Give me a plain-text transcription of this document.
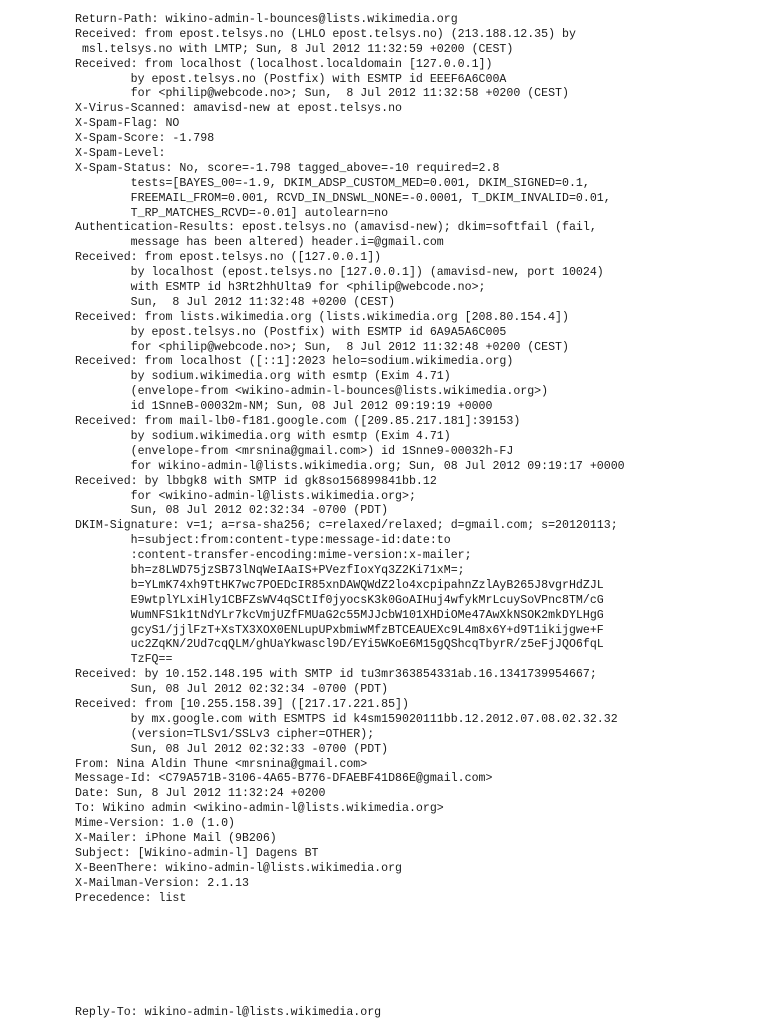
Return-Path: wikino-admin-l-bounces@lists.wikimedia.org
Received: from epost.telsys.no (LHLO epost.telsys.no) (213.188.12.35) by
msl.telsys.no with LMTP; Sun, 8 Jul 2012 11:32:59 +0200 (CEST)
Received: from localhost (localhost.localdomain [127.0.0.1])
by epost.telsys.no (Postfix) with ESMTP id EEEF6A6C00A
for <philip@webcode.no>; Sun,  8 Jul 2012 11:32:58 +0200 (CEST)
X-Virus-Scanned: amavisd-new at epost.telsys.no
X-Spam-Flag: NO
X-Spam-Score: -1.798
X-Spam-Level:
X-Spam-Status: No, score=-1.798 tagged_above=-10 required=2.8
tests=[BAYES_00=-1.9, DKIM_ADSP_CUSTOM_MED=0.001, DKIM_SIGNED=0.1,
FREEMAIL_FROM=0.001, RCVD_IN_DNSWL_NONE=-0.0001, T_DKIM_INVALID=0.01,
T_RP_MATCHES_RCVD=-0.01] autolearn=no
Authentication-Results: epost.telsys.no (amavisd-new); dkim=softfail (fail,
message has been altered) header.i=@gmail.com
Received: from epost.telsys.no ([127.0.0.1])
by localhost (epost.telsys.no [127.0.0.1]) (amavisd-new, port 10024)
with ESMTP id h3Rt2hhUlta9 for <philip@webcode.no>;
Sun,  8 Jul 2012 11:32:48 +0200 (CEST)
Received: from lists.wikimedia.org (lists.wikimedia.org [208.80.154.4])
by epost.telsys.no (Postfix) with ESMTP id 6A9A5A6C005
for <philip@webcode.no>; Sun,  8 Jul 2012 11:32:48 +0200 (CEST)
Received: from localhost ([::1]:2023 helo=sodium.wikimedia.org)
by sodium.wikimedia.org with esmtp (Exim 4.71)
(envelope-from <wikino-admin-l-bounces@lists.wikimedia.org>)
id 1SnneB-00032m-NM; Sun, 08 Jul 2012 09:19:19 +0000
Received: from mail-lb0-f181.google.com ([209.85.217.181]:39153)
by sodium.wikimedia.org with esmtp (Exim 4.71)
(envelope-from <mrsnina@gmail.com>) id 1Snne9-00032h-FJ
for wikino-admin-l@lists.wikimedia.org; Sun, 08 Jul 2012 09:19:17 +0000
Received: by lbbgk8 with SMTP id gk8so156899841bb.12
for <wikino-admin-l@lists.wikimedia.org>;
Sun, 08 Jul 2012 02:32:34 -0700 (PDT)
DKIM-Signature: v=1; a=rsa-sha256; c=relaxed/relaxed; d=gmail.com; s=20120113;
h=subject:from:content-type:message-id:date:to
:content-transfer-encoding:mime-version:x-mailer;
bh=z8LWD75jzSB73lNqWeIAaIS+PVezfIoxYq3Z2Ki71xM=;
b=YLmK74xh9TtHK7wc7POEDcIR85xnDAWQWdZ2lo4xcpipahnZzlAyB265J8vgrHdZJL
E9wtplYLxiHly1CBFZsWV4qSCtIf0jyocsK3k0GoAIHuj4wfykMrLcuySoVPnc8TM/cG
WumNFS1k1tNdYLr7kcVmjUZfFMUaG2c55MJJcbW101XHDiOMe47AwXkNSOK2mkDYLHgG
gcyS1/jjlFzT+XsTX3XOX0ENLupUPxbmiwMfzBTCEAUEXc9L4m8x6Y+d9T1ikijgwe+F
uc2ZqKN/2Ud7cqQLM/ghUaYkwascl9D/EYi5WKoE6M15gQShcqTbyrR/z5eFjJQO6fqL
TzFQ==
Received: by 10.152.148.195 with SMTP id tu3mr363854331ab.16.1341739954667;
Sun, 08 Jul 2012 02:32:34 -0700 (PDT)
Received: from [10.255.158.39] ([217.17.221.85])
by mx.google.com with ESMTPS id k4sm159020111bb.12.2012.07.08.02.32.32
(version=TLSv1/SSLv3 cipher=OTHER);
Sun, 08 Jul 2012 02:32:33 -0700 (PDT)
From: Nina Aldin Thune <mrsnina@gmail.com>
Message-Id: <C79A571B-3106-4A65-B776-DFAEBF41D86E@gmail.com>
Date: Sun, 8 Jul 2012 11:32:24 +0200
To: Wikino admin <wikino-admin-l@lists.wikimedia.org>
Mime-Version: 1.0 (1.0)
X-Mailer: iPhone Mail (9B206)
Subject: [Wikino-admin-l] Dagens BT
X-BeenThere: wikino-admin-l@lists.wikimedia.org
X-Mailman-Version: 2.1.13
Precedence: list
Reply-To: wikino-admin-l@lists.wikimedia.org
